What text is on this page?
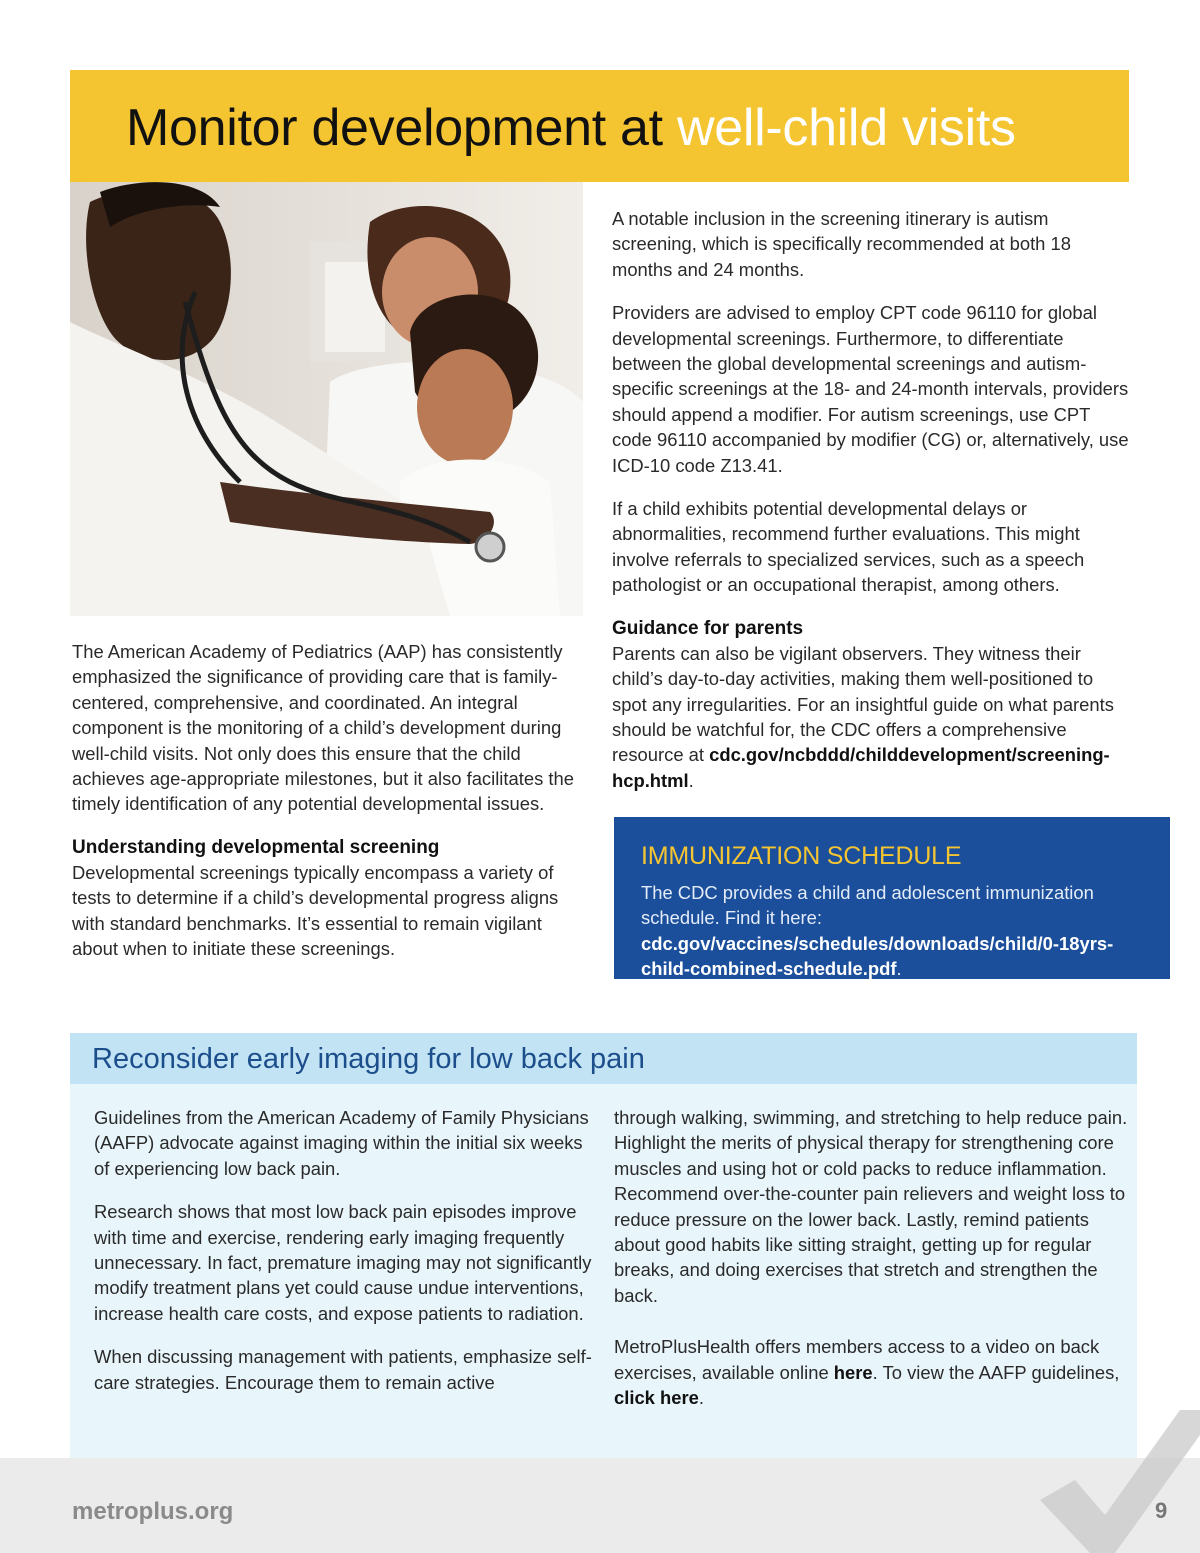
Monitor development at well-child visits

The American Academy of Pediatrics (AAP) has consistently emphasized the significance of providing care that is family-centered, comprehensive, and coordinated. An integral component is the monitoring of a child’s development during well-child visits. Not only does this ensure that the child achieves age-appropriate milestones, but it also facilitates the timely identification of any potential developmental issues.

Understanding developmental screening

Developmental screenings typically encompass a variety of tests to determine if a child’s developmental progress aligns with standard benchmarks. It’s essential to remain vigilant about when to initiate these screenings.

A notable inclusion in the screening itinerary is autism screening, which is specifically recommended at both 18 months and 24 months.

Providers are advised to employ CPT code 96110 for global developmental screenings. Furthermore, to differentiate between the global developmental screenings and autism-specific screenings at the 18- and 24-month intervals, providers should append a modifier. For autism screenings, use CPT code 96110 accompanied by modifier (CG) or, alternatively, use ICD-10 code Z13.41.

If a child exhibits potential developmental delays or abnormalities, recommend further evaluations. This might involve referrals to specialized services, such as a speech pathologist or an occupational therapist, among others.

Guidance for parents

Parents can also be vigilant observers. They witness their child’s day-to-day activities, making them well-positioned to spot any irregularities. For an insightful guide on what parents should be watchful for, the CDC offers a comprehensive resource at cdc.gov/ncbddd/childdevelopment/screening-hcp.html.

IMMUNIZATION SCHEDULE

The CDC provides a child and adolescent immunization schedule. Find it here: cdc.gov/vaccines/schedules/downloads/child/0-18yrs-child-combined-schedule.pdf.

Reconsider early imaging for low back pain

Guidelines from the American Academy of Family Physicians (AAFP) advocate against imaging within the initial six weeks of experiencing low back pain.

Research shows that most low back pain episodes improve with time and exercise, rendering early imaging frequently unnecessary. In fact, premature imaging may not significantly modify treatment plans yet could cause undue interventions, increase health care costs, and expose patients to radiation.

When discussing management with patients, emphasize self-care strategies. Encourage them to remain active

through walking, swimming, and stretching to help reduce pain. Highlight the merits of physical therapy for strengthening core muscles and using hot or cold packs to reduce inflammation. Recommend over-the-counter pain relievers and weight loss to reduce pressure on the lower back. Lastly, remind patients about good habits like sitting straight, getting up for regular breaks, and doing exercises that stretch and strengthen the back.

MetroPlusHealth offers members access to a video on back exercises, available online here. To view the AAFP guidelines, click here.

metroplus.org	9
